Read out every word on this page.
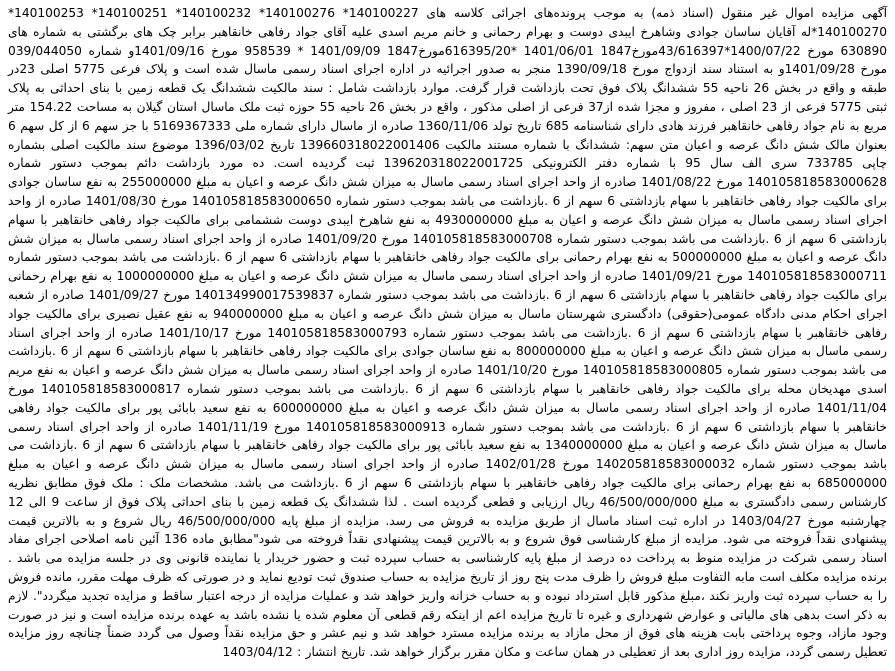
آگهی مزایده اموال غیر منقول (اسناد ذمه) به موجب پرونده‌های اجرائی کلاسه های 140100227* 140100276* 140100232* 140100251* 140100253* 140100270*له آقایان ساسان جوادی وشاهرخ ایبدی دوست و بهرام رحمانی و خانم مریم اسدی علیه آقای جواد رفاهی خانقاهبر برابر چک های برگشتی به شماره های 630890 مورخ 1400/07/22*43/616397مورخ1847 1401/06/01 *616395/20مورخ1847 1401/09/09 * 958539 مورخ 1401/09/16و شماره 039/044050 مورخ 1401/09/28و به استناد سند ازدواج مورخ 1390/09/18 منجر به صدور اجرائیه در اداره اجرای اسناد رسمی ماسال شده است و پلاک فرعی 5775 اصلی 23در طبقه و واقع در بخش 26 ناحیه 55 ششدانگ پلاک فوق تحت بازداشت قرار گرفت. موارد بازداشت شامل : سند مالکیت ششدانگ یک قطعه زمین با بنای احداثی به پلاک ثبتی 5775 فرعی از 23 اصلی ، مفروز و مجزا شده از37 فرعی از اصلی مذکور ، واقع در بخش 26 ناحیه 55 حوزه ثبت ملک ماسال استان گیلان به مساحت 154.22 متر مربع به نام جواد رفاهی خانقاهبر فرزند هادی دارای شناسنامه 685 تاریخ تولد 1360/11/06 صادره از ماسال دارای شماره ملی 5169367333 با جز سهم 6 از کل سهم 6 بعنوان مالک شش دانگ عرصه و اعیان متن سهم: ششدانگ با شماره مستند مالکیت 139660318022001406 تاریخ 1396/03/02 موضوع سند مالکیت اصلی بشماره چاپی 733785 سری الف سال 95 با شماره دفتر الکترونیکی 139620318022001725 ثبت گردیده است. ده مورد بازداشت دائم بموجب دستور شماره 140105818583000628 مورخ 1401/08/22 صادره از واحد اجرای اسناد رسمی ماسال به میزان شش دانگ عرصه و اعیان به مبلغ 255000000 به نفع ساسان جوادی برای مالکیت جواد رفاهی خانقاهبر با سهام بازداشتی 6 سهم از 6 .بازداشت می باشد بموجب دستور شماره 140105818583000650 مورخ 1401/08/30 صادره از واحد اجرای اسناد رسمی ماسال به میزان شش دانگ عرصه و اعیان به مبلغ 4930000000 به نفع شاهرخ ایبدی دوست ششمامی برای مالکیت جواد رفاهی خانقاهبر با سهام بازداشتی 6 سهم از 6 .بازداشت می باشد بموجب دستور شماره 140105818583000708 مورخ 1401/09/20 صادره از واحد اجرای اسناد رسمی ماسال به میزان شش دانگ عرصه و اعیان به مبلغ 500000000 به نفع بهرام رحمانی برای مالکیت جواد رفاهی خانقاهبر با سهام بازداشتی 6 سهم از 6 .بازداشت می باشد بموجب دستور شماره 140105818583000711 مورخ 1401/09/21 صادره از واحد اجرای اسناد رسمی ماسال به میزان شش دانگ عرصه و اعیان به مبلغ 1000000000 به نفع بهرام رحمانی برای مالکیت جواد رفاهی خانقاهبر با سهام بازداشتی 6 سهم از 6 .بازداشت می باشد بموجب دستور شماره 140134990017539837 مورخ 1401/09/27 صادره از شعبه اجرای احکام مدنی دادگاه عمومی(حقوقی) دادگستری شهرستان ماسال به میزان شش دانگ عرصه و اعیان به مبلغ 940000000 به نفع عقیل نصیری برای مالکیت جواد رفاهی خانقاهبر با سهام بازداشتی 6 سهم از 6 .بازداشت می باشد بموجب دستور شماره 140105818583000793 مورخ 1401/10/17 صادره از واحد اجرای اسناد رسمی ماسال به میزان شش دانگ عرصه و اعیان به مبلغ 800000000 به نفع ساسان جوادی برای مالکیت جواد رفاهی خانقاهبر با سهام بازداشتی 6 سهم از 6 .بازداشت می باشد بموجب دستور شماره 140105818583000805 مورخ 1401/10/20 صادره از واحد اجرای اسناد رسمی ماسال به میزان شش دانگ عرصه و اعیان به نفع مریم اسدی مهدیخان محله برای مالکیت جواد رفاهی خانقاهبر با سهام بازداشتی 6 سهم از 6 .بازداشت می باشد بموجب دستور شماره 140105818583000817 مورخ 1401/11/04 صادره از واحد اجرای اسناد رسمی ماسال به میزان شش دانگ عرصه و اعیان به مبلغ 600000000 به نفع سعید بابائی پور برای مالکیت جواد رفاهی خانقاهبر با سهام بازداشتی 6 سهم از 6 .بازداشت می باشد بموجب دستور شماره 140105818583000913 مورخ 1401/11/19 صادره از واحد اجرای اسناد رسمی ماسال به میزان شش دانگ عرصه و اعیان به مبلغ 1340000000 به نفع سعید بابائی پور برای مالکیت جواد رفاهی خانقاهبر با سهام بازداشتی 6 سهم از 6 .بازداشت می باشد بموجب دستور شماره 140205818583000032 مورخ 1402/01/28 صادره از واحد اجرای اسناد رسمی ماسال به میزان شش دانگ عرصه و اعیان به مبلغ 685000000 به نفع بهرام رحمانی برای مالکیت جواد رفاهی خانقاهبر با سهام بازداشتی 6 سهم از 6 .بازداشت می باشد. مشخصات ملک : ملک فوق مطابق نظریه کارشناس رسمی دادگستری به مبلغ 46/500/000/000 ریال ارزیابی و قطعی گردیده است . لذا ششدانگ یک قطعه زمین با بنای احداثی پلاک فوق از ساعت 9 الی 12 چهارشنبه مورخ 1403/04/27 در اداره ثبت اسناد ماسال از طریق مزایده به فروش می رسد. مزایده از مبلغ پایه 46/500/000/000 ریال شروع و به بالاترین قیمت پیشنهادی نقداً فروخته می شود. مزایده از مبلغ کارشناسی فوق شروع و به بالاترین قیمت پیشنهادی نقداً فروخته می شود"مطابق ماده 136 آئین نامه اصلاحی اجرای مفاد اسناد رسمی شرکت در مزایده منوط به پرداخت ده درصد از مبلغ پایه کارشناسی به حساب سپرده ثبت و حضور خریدار یا نماینده قانونی وی در جلسه مزایده می باشد . برنده مزایده مکلف است مابه التفاوت مبلغ فروش را ظرف مدت پنج روز از تاریخ مزایده به حساب صندوق ثبت تودیع نماید و در صورتی که ظرف مهلت مقرر، مانده فروش را به حساب سپرده ثبت واریز نکند ،مبلغ مذکور قابل استرداد نبوده و به حساب خزانه واریز خواهد شد و عملیات مزایده از درجه اعتبار ساقط و مزایده تجدید میگردد". لازم به ذکر است بدهی های مالیاتی و عوارض شهرداری و غیره تا تاریخ مزایده اعم از اینکه رقم قطعی آن معلوم شده یا نشده باشد به عهده برنده مزایده است و نیز در صورت وجود مازاد، وجوه پرداختی بابت هزینه های فوق از محل مازاد به برنده مزایده مسترد خواهد شد و نیم عشر و حق مزایده نقداً وصول می گردد ضمناً چنانچه روز مزایده تعطیل رسمی گردد، مزایده روز اداری بعد از تعطیلی در همان ساعت و مکان مقرر برگزار خواهد شد. تاریخ انتشار : 1403/04/12
